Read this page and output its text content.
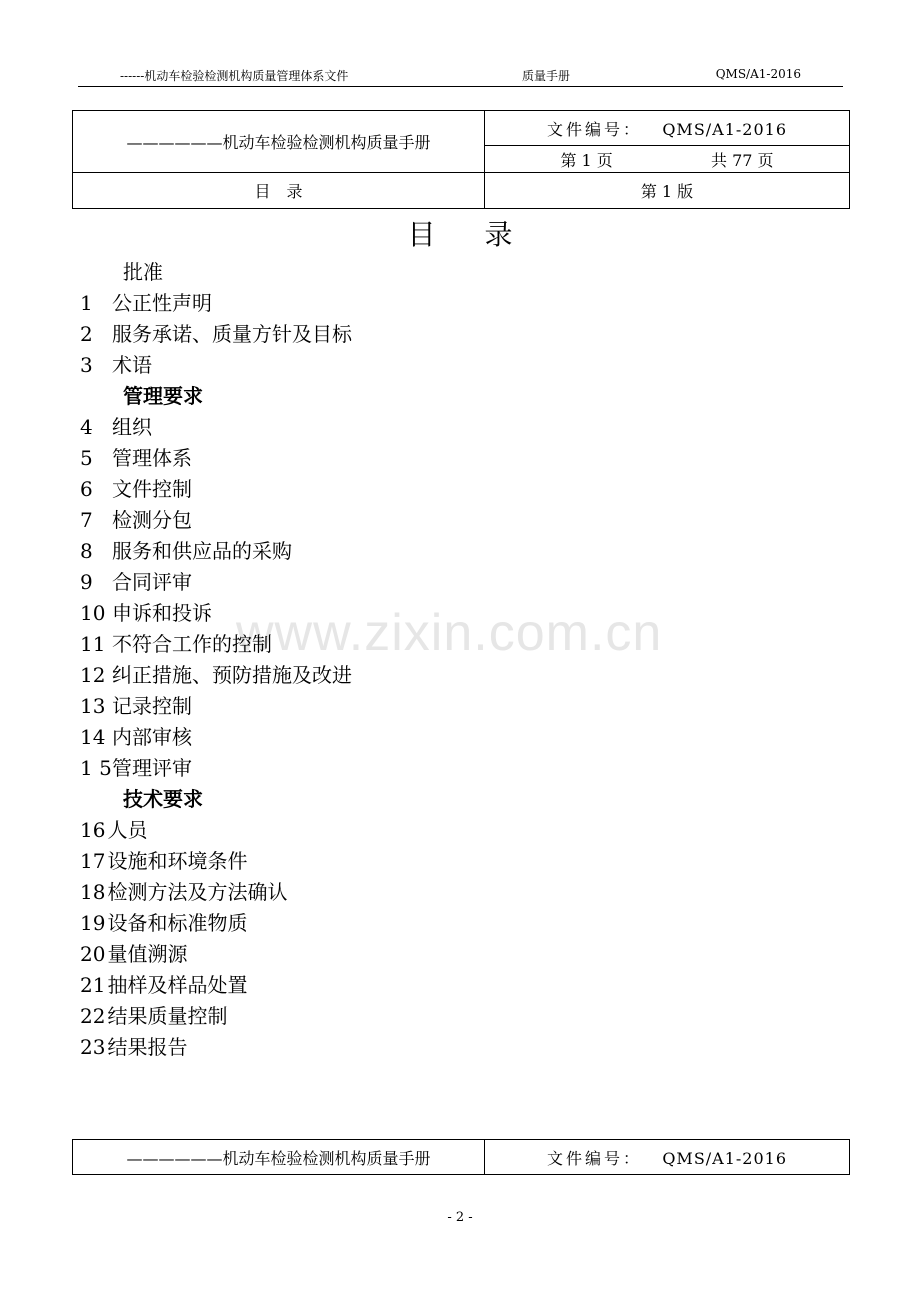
------机动车检验检测机构质量管理体系文件	质量手册	QMS/A1-2016
——————机动车检验检测机构质量手册	文件编号： QMS/A1-2016
	第 1 页 共 77 页
目　录	第 1 版
目 录
www.zixin.com.cn
批准
1 公正性声明
2 服务承诺、质量方针及目标
3 术语
管理要求
4 组织
5 管理体系
6 文件控制
7 检测分包
8 服务和供应品的采购
9 合同评审
10 申诉和投诉
11 不符合工作的控制
12 纠正措施、预防措施及改进
13 记录控制
14 内部审核
1 5管理评审
技术要求
16 人员
17 设施和环境条件
18 检测方法及方法确认
19 设备和标准物质
20 量值溯源
21 抽样及样品处置
22 结果质量控制
23 结果报告
——————机动车检验检测机构质量手册	文件编号： QMS/A1-2016
- 2 -
